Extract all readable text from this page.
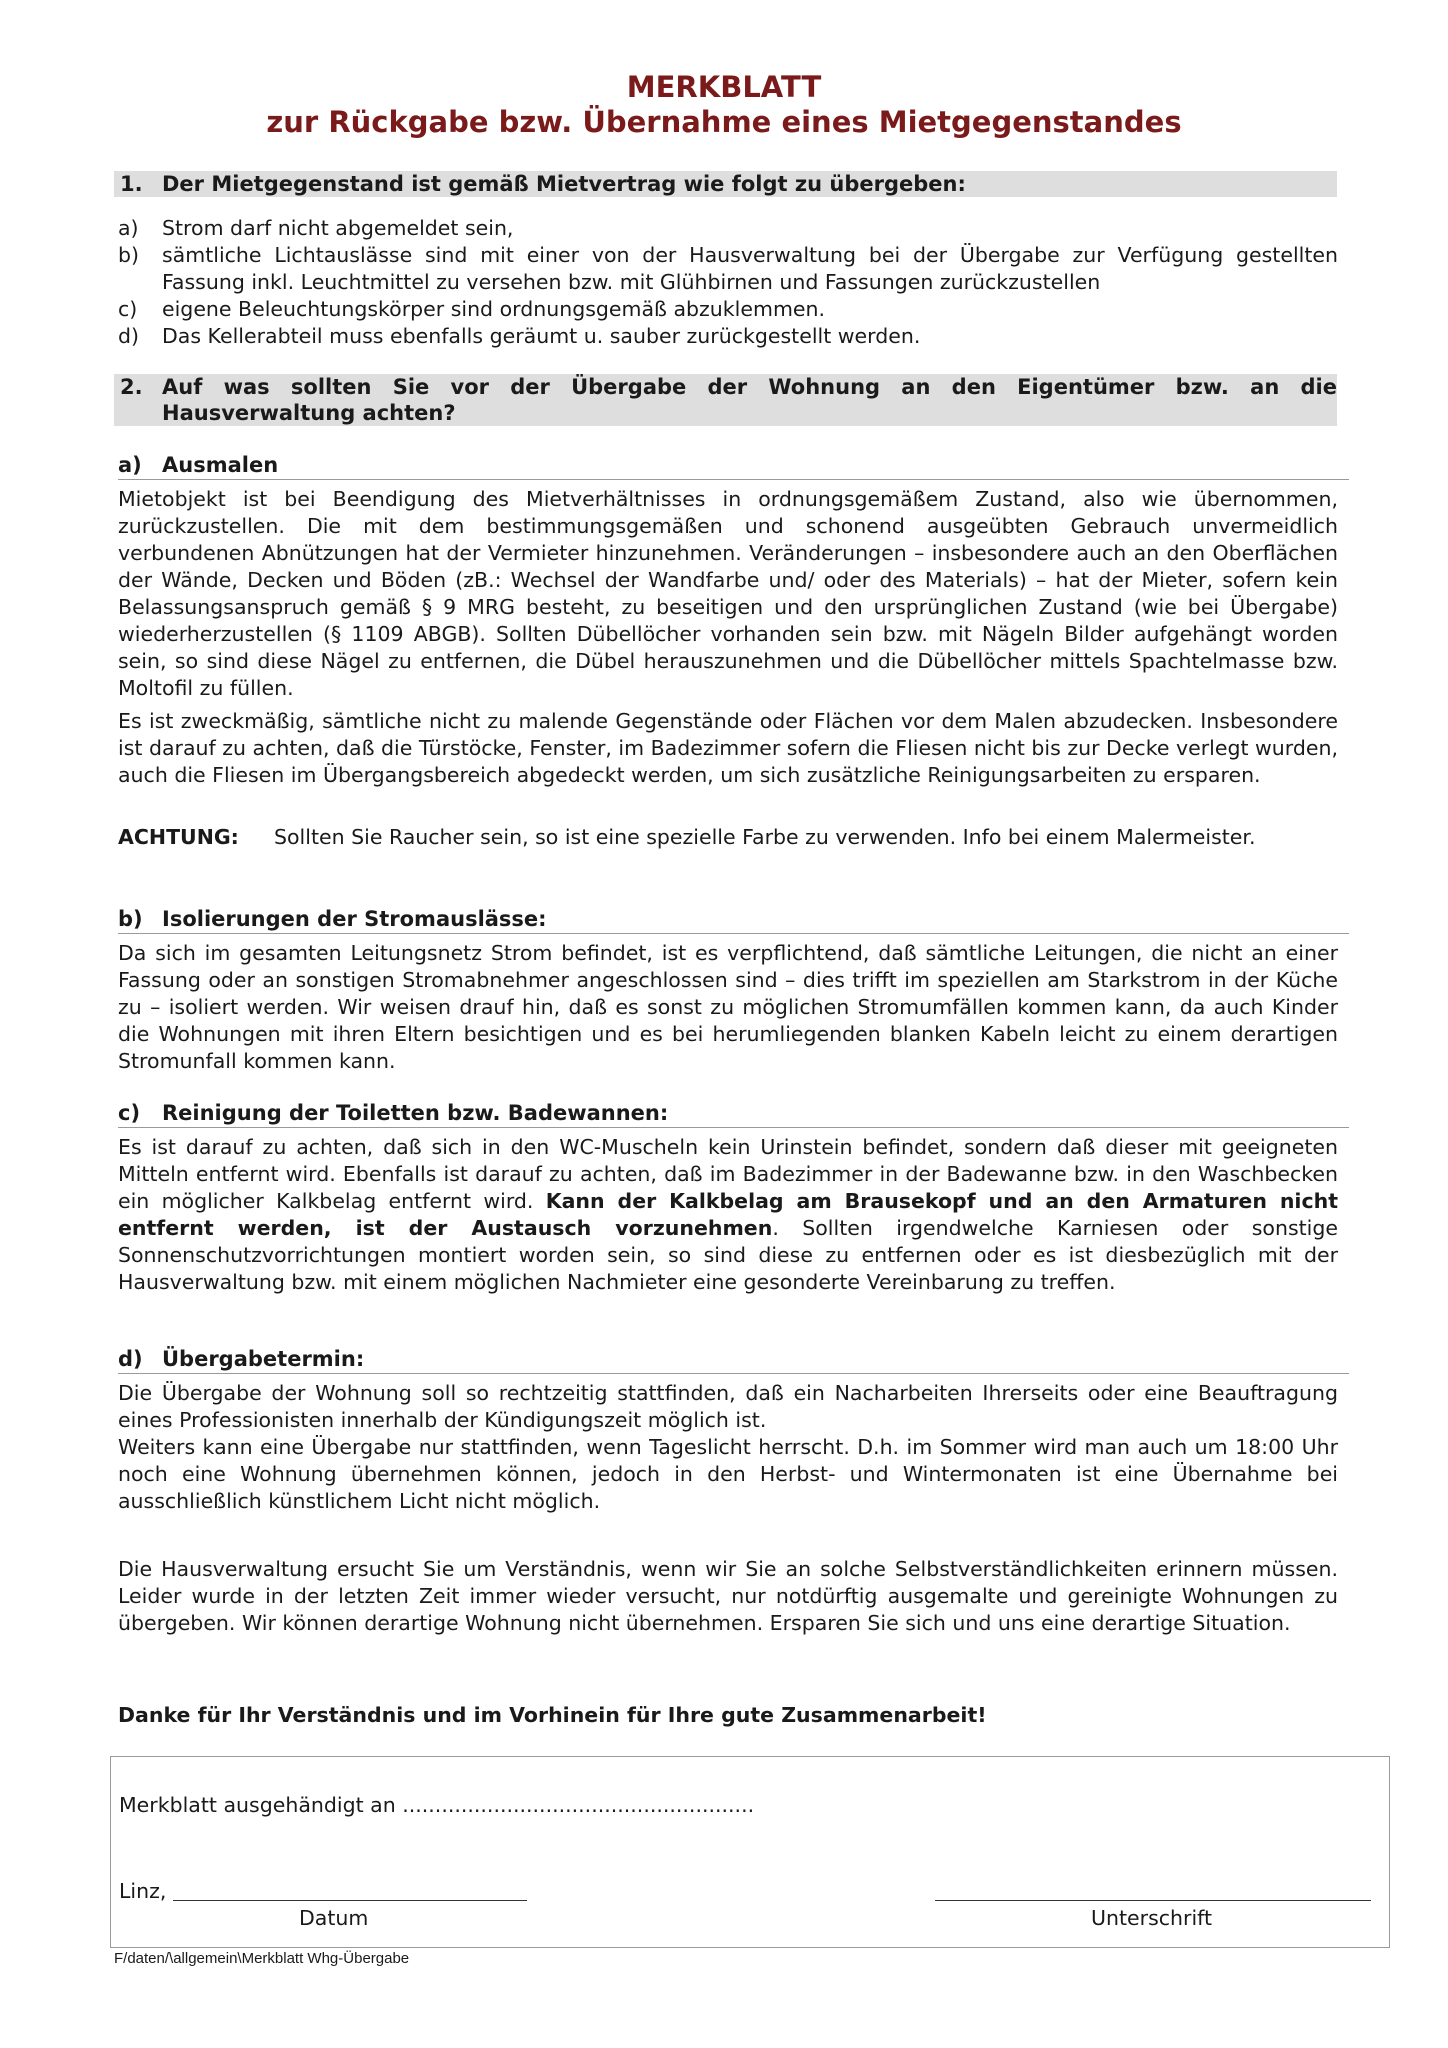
MERKBLATT
zur Rückgabe bzw. Übernahme eines Mietgegenstandes
1. Der Mietgegenstand ist gemäß Mietvertrag wie folgt zu übergeben:
a) Strom darf nicht abgemeldet sein,
b) sämtliche Lichtauslässe sind mit einer von der Hausverwaltung bei der Übergabe zur Verfügung gestellten Fassung inkl. Leuchtmittel zu versehen bzw. mit Glühbirnen und Fassungen zurückzustellen
c) eigene Beleuchtungskörper sind ordnungsgemäß abzuklemmen.
d) Das Kellerabteil muss ebenfalls geräumt u. sauber zurückgestellt werden.
2. Auf was sollten Sie vor der Übergabe der Wohnung an den Eigentümer bzw. an die Hausverwaltung achten?
a) Ausmalen

Mietobjekt ist bei Beendigung des Mietverhältnisses in ordnungsgemäßem Zustand, also wie übernommen, zurückzustellen. Die mit dem bestimmungsgemäßen und schonend ausgeübten Gebrauch unvermeidlich verbundenen Abnützungen hat der Vermieter hinzunehmen. Veränderungen – insbesondere auch an den Oberflächen der Wände, Decken und Böden (zB.: Wechsel der Wandfarbe und/ oder des Materials) – hat der Mieter, sofern kein Belassungsanspruch gemäß § 9 MRG besteht, zu beseitigen und den ursprünglichen Zustand (wie bei Übergabe) wiederherzustellen (§ 1109 ABGB). Sollten Dübellöcher vorhanden sein bzw. mit Nägeln Bilder aufgehängt worden sein, so sind diese Nägel zu entfernen, die Dübel herauszunehmen und die Dübellöcher mittels Spachtelmasse bzw. Moltofil zu füllen.

Es ist zweckmäßig, sämtliche nicht zu malende Gegenstände oder Flächen vor dem Malen abzudecken. Insbesondere ist darauf zu achten, daß die Türstöcke, Fenster, im Badezimmer sofern die Fliesen nicht bis zur Decke verlegt wurden, auch die Fliesen im Übergangsbereich abgedeckt werden, um sich zusätzliche Reinigungsarbeiten zu ersparen.

ACHTUNG: Sollten Sie Raucher sein, so ist eine spezielle Farbe zu verwenden. Info bei einem Malermeister.
b) Isolierungen der Stromauslässe:

Da sich im gesamten Leitungsnetz Strom befindet, ist es verpflichtend, daß sämtliche Leitungen, die nicht an einer Fassung oder an sonstigen Stromabnehmer angeschlossen sind – dies trifft im speziellen am Starkstrom in der Küche zu – isoliert werden. Wir weisen drauf hin, daß es sonst zu möglichen Stromumfällen kommen kann, da auch Kinder die Wohnungen mit ihren Eltern besichtigen und es bei herumliegenden blanken Kabeln leicht zu einem derartigen Stromunfall kommen kann.

c) Reinigung der Toiletten bzw. Badewannen:

Es ist darauf zu achten, daß sich in den WC-Muscheln kein Urinstein befindet, sondern daß dieser mit geeigneten Mitteln entfernt wird. Ebenfalls ist darauf zu achten, daß im Badezimmer in der Badewanne bzw. in den Waschbecken ein möglicher Kalkbelag entfernt wird. Kann der Kalkbelag am Brausekopf und an den Armaturen nicht entfernt werden, ist der Austausch vorzunehmen. Sollten irgendwelche Karniesen oder sonstige Sonnenschutzvorrichtungen montiert worden sein, so sind diese zu entfernen oder es ist diesbezüglich mit der Hausverwaltung bzw. mit einem möglichen Nachmieter eine gesonderte Vereinbarung zu treffen.

d) Übergabetermin:

Die Übergabe der Wohnung soll so rechtzeitig stattfinden, daß ein Nacharbeiten Ihrerseits oder eine Beauftragung eines Professionisten innerhalb der Kündigungszeit möglich ist.

Weiters kann eine Übergabe nur stattfinden, wenn Tageslicht herrscht. D.h. im Sommer wird man auch um 18:00 Uhr noch eine Wohnung übernehmen können, jedoch in den Herbst- und Wintermonaten ist eine Übernahme bei ausschließlich künstlichem Licht nicht möglich.

Die Hausverwaltung ersucht Sie um Verständnis, wenn wir Sie an solche Selbstverständlichkeiten erinnern müssen. Leider wurde in der letzten Zeit immer wieder versucht, nur notdürftig ausgemalte und gereinigte Wohnungen zu übergeben. Wir können derartige Wohnung nicht übernehmen. Ersparen Sie sich und uns eine derartige Situation.

Danke für Ihr Verständnis und im Vorhinein für Ihre gute Zusammenarbeit!
Merkblatt ausgehändigt an ......................................................
Linz,
Datum	Unterschrift
F/daten/\allgemein\Merkblatt Whg-Übergabe
